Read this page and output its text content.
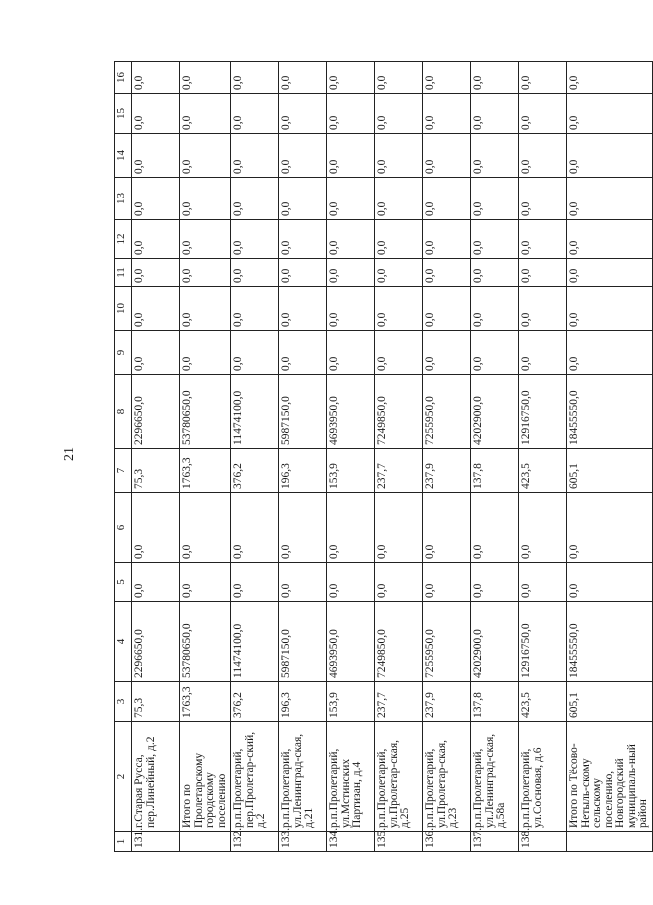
21
1	2	3	4	5	6	7	8	9	10	11	12	13	14	15	16
131.	г.Старая Русса, пер.Линейный, д.2	75,3	2296650,0	0,0	0,0	75,3	2296650,0	0,0	0,0	0,0	0,0	0,0	0,0	0,0	0,0
	Итого по Пролетарскому городскому поселению	1763,3	53780650,0	0,0	0,0	1763,3	53780650,0	0,0	0,0	0,0	0,0	0,0	0,0	0,0	0,0
132.	р.п.Пролетарий, пер.Пролетар-ский, д.2	376,2	11474100,0	0,0	0,0	376,2	11474100,0	0,0	0,0	0,0	0,0	0,0	0,0	0,0	0,0
133.	р.п.Пролетарий, ул.Ленинград-ская, д.21	196,3	5987150,0	0,0	0,0	196,3	5987150,0	0,0	0,0	0,0	0,0	0,0	0,0	0,0	0,0
134.	р.п.Пролетарий, ул.Мстинских Партизан, д.4	153,9	4693950,0	0,0	0,0	153,9	4693950,0	0,0	0,0	0,0	0,0	0,0	0,0	0,0	0,0
135.	р.п.Пролетарий, ул.Пролетар-ская, д.25	237,7	7249850,0	0,0	0,0	237,7	7249850,0	0,0	0,0	0,0	0,0	0,0	0,0	0,0	0,0
136.	р.п.Пролетарий, ул.Пролетар-ская, д.23	237,9	7255950,0	0,0	0,0	237,9	7255950,0	0,0	0,0	0,0	0,0	0,0	0,0	0,0	0,0
137.	р.п.Пролетарий, ул.Ленинград-ская, д.58а	137,8	4202900,0	0,0	0,0	137,8	4202900,0	0,0	0,0	0,0	0,0	0,0	0,0	0,0	0,0
138.	р.п.Пролетарий, ул.Сосновая, д.6	423,5	12916750,0	0,0	0,0	423,5	12916750,0	0,0	0,0	0,0	0,0	0,0	0,0	0,0	0,0
	Итого по Тёсово-Нетыль-скому сельскому поселению, Новгородский муниципаль-ный район	605,1	18455550,0	0,0	0,0	605,1	18455550,0	0,0	0,0	0,0	0,0	0,0	0,0	0,0	0,0
